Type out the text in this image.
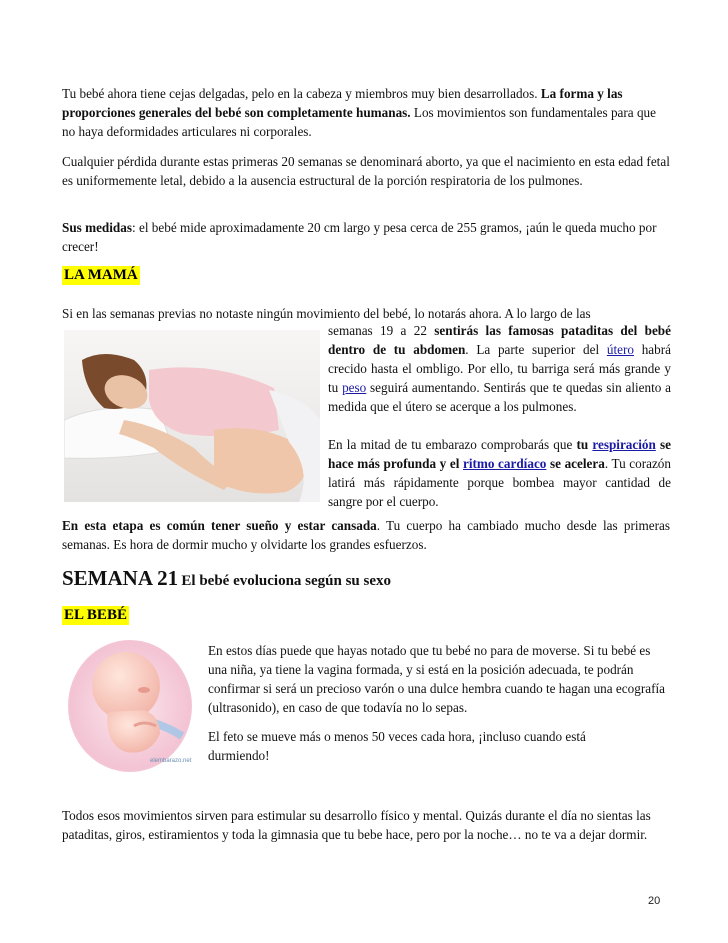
Tu bebé ahora tiene cejas delgadas, pelo en la cabeza y miembros muy bien desarrollados. La forma y las proporciones generales del bebé son completamente humanas. Los movimientos son fundamentales para que no haya deformidades articulares ni corporales.

Cualquier pérdida durante estas primeras 20 semanas se denominará aborto, ya que el nacimiento en esta edad fetal es uniformemente letal, debido a la ausencia estructural de la porción respiratoria de los pulmones.

Sus medidas: el bebé mide aproximadamente 20 cm largo y pesa cerca de 255 gramos, ¡aún le queda mucho por crecer!

LA MAMÁ

Si en las semanas previas no notaste ningún movimiento del bebé, lo notarás ahora. A lo largo de las

semanas 19 a 22 sentirás las famosas pataditas del bebé dentro de tu abdomen. La parte superior del útero habrá crecido hasta el ombligo. Por ello, tu barriga será más grande y tu peso seguirá aumentando. Sentirás que te quedas sin aliento a medida que el útero se acerque a los pulmones.

En la mitad de tu embarazo comprobarás que tu respiración se hace más profunda y el ritmo cardíaco se acelera. Tu corazón latirá más rápidamente porque bombea mayor cantidad de sangre por el cuerpo.

En esta etapa es común tener sueño y estar cansada. Tu cuerpo ha cambiado mucho desde las primeras semanas. Es hora de dormir mucho y olvidarte los grandes esfuerzos.

SEMANA 21 El bebé evoluciona según su sexo
EL BEBÉ
elembarazo.net

En estos días puede que hayas notado que tu bebé no para de moverse. Si tu bebé es una niña, ya tiene la vagina formada, y si está en la posición adecuada, te podrán confirmar si será un precioso varón o una dulce hembra cuando te hagan una ecografía (ultrasonido), en caso de que todavía no lo sepas.

El feto se mueve más o menos 50 veces cada hora, ¡incluso cuando está durmiendo!

Todos esos movimientos sirven para estimular su desarrollo físico y mental. Quizás durante el día no sientas las pataditas, giros, estiramientos y toda la gimnasia que tu bebe hace, pero por la noche… no te va a dejar dormir.

20
